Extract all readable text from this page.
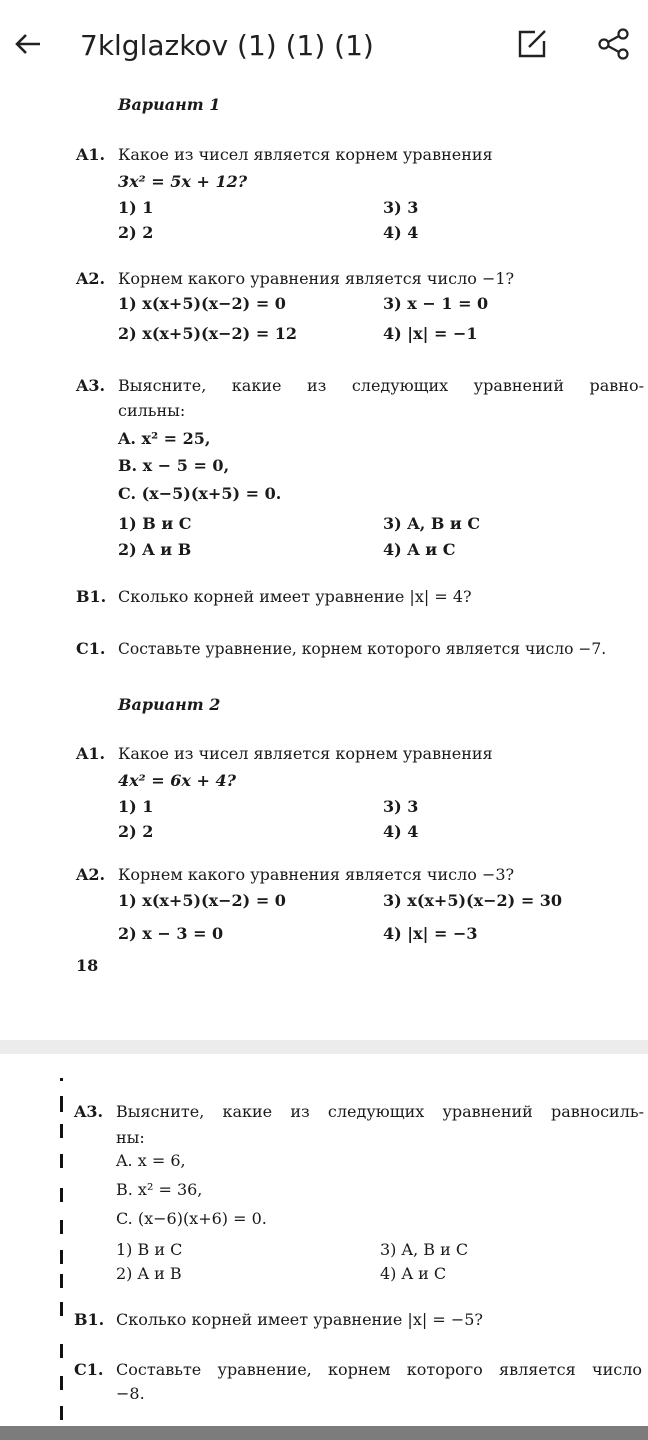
7klglazkov (1) (1) (1)
Вариант 1
A1. Какое из чисел является корнем уравнения
3x² = 5x + 12?
1) 1	3) 3
2) 2	4) 4
A2. Корнем какого уравнения является число −1?
1) x(x+5)(x−2) = 0	3) x − 1 = 0
2) x(x+5)(x−2) = 12	4) |x| = −1
A3. Выясните, какие из следующих уравнений равно-
сильны:
A. x² = 25,
B. x − 5 = 0,
C. (x−5)(x+5) = 0.
1) B и C	3) A, B и C
2) A и B	4) A и C
B1. Сколько корней имеет уравнение |x| = 4?
C1. Составьте уравнение, корнем которого является число −7.
Вариант 2
A1. Какое из чисел является корнем уравнения
4x² = 6x + 4?
1) 1	3) 3
2) 2	4) 4
A2. Корнем какого уравнения является число −3?
1) x(x+5)(x−2) = 0	3) x(x+5)(x−2) = 30
2) x − 3 = 0	4) |x| = −3
18
A3. Выясните, какие из следующих уравнений равносиль-
ны:
A. x = 6,
B. x² = 36,
C. (x−6)(x+6) = 0.
1) B и C	3) A, B и C
2) A и B	4) A и C
B1. Сколько корней имеет уравнение |x| = −5?
C1. Составьте уравнение, корнем которого является число
−8.
